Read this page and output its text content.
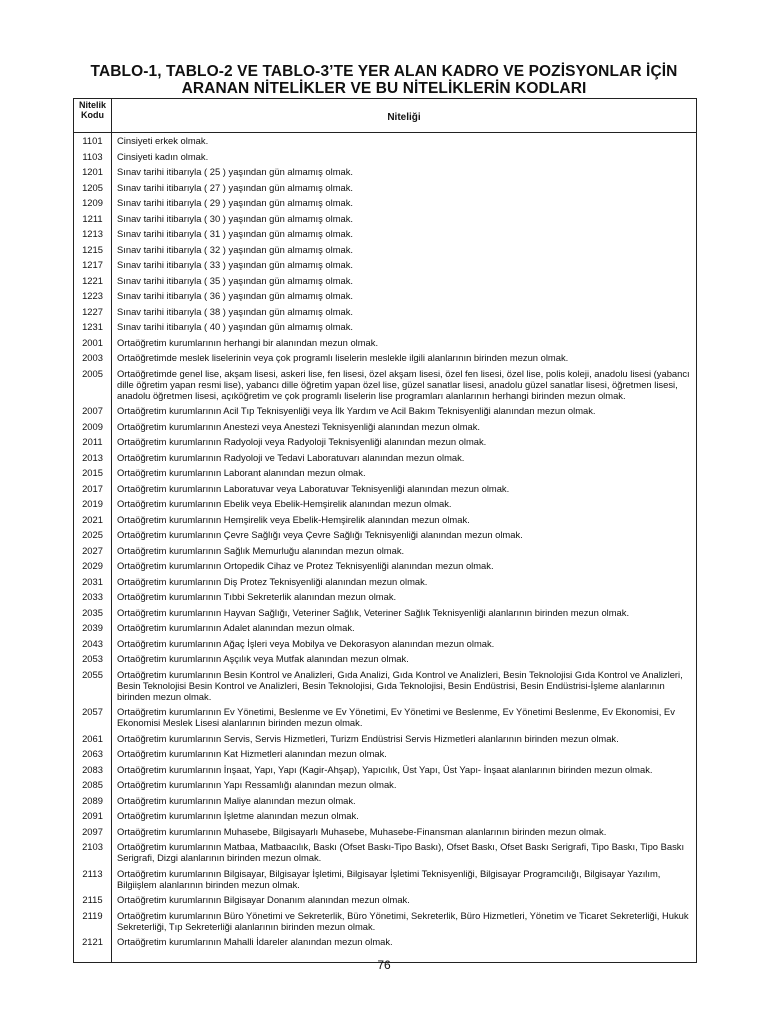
TABLO-1, TABLO-2 VE TABLO-3’TE YER ALAN KADRO VE POZİSYONLAR İÇİN
ARANAN NİTELİKLER VE BU NİTELİKLERİN KODLARI
Nitelik
Kodu	Niteliği
1101	Cinsiyeti erkek olmak.
1103	Cinsiyeti kadın olmak.
1201	Sınav tarihi itibarıyla ( 25 ) yaşından gün almamış olmak.
1205	Sınav tarihi itibarıyla ( 27 ) yaşından gün almamış olmak.
1209	Sınav tarihi itibarıyla ( 29 ) yaşından gün almamış olmak.
1211	Sınav tarihi itibarıyla ( 30 ) yaşından gün almamış olmak.
1213	Sınav tarihi itibarıyla ( 31 ) yaşından gün almamış olmak.
1215	Sınav tarihi itibarıyla ( 32 ) yaşından gün almamış olmak.
1217	Sınav tarihi itibarıyla ( 33 ) yaşından gün almamış olmak.
1221	Sınav tarihi itibarıyla ( 35 ) yaşından gün almamış olmak.
1223	Sınav tarihi itibarıyla ( 36 ) yaşından gün almamış olmak.
1227	Sınav tarihi itibarıyla ( 38 ) yaşından gün almamış olmak.
1231	Sınav tarihi itibarıyla ( 40 ) yaşından gün almamış olmak.
2001	Ortaöğretim kurumlarının herhangi bir alanından mezun olmak.
2003	Ortaöğretimde meslek liselerinin veya çok programlı liselerin meslekle ilgili alanlarının birinden mezun olmak.
2005	Ortaöğretimde genel lise, akşam lisesi, askeri lise, fen lisesi, özel akşam lisesi, özel fen lisesi, özel lise, polis koleji, anadolu lisesi (yabancı dille öğretim yapan resmi lise), yabancı dille öğretim yapan özel lise, güzel sanatlar lisesi, anadolu güzel sanatlar lisesi, öğretmen lisesi, anadolu öğretmen lisesi, açıköğretim ve çok programlı liselerin lise programları alanlarının herhangi birinden mezun olmak.
2007	Ortaöğretim kurumlarının Acil Tıp Teknisyenliği veya İlk Yardım ve Acil Bakım Teknisyenliği alanından mezun olmak.
2009	Ortaöğretim kurumlarının Anestezi veya Anestezi Teknisyenliği alanından mezun olmak.
2011	Ortaöğretim kurumlarının Radyoloji veya Radyoloji Teknisyenliği alanından mezun olmak.
2013	Ortaöğretim kurumlarının Radyoloji ve Tedavi Laboratuvarı alanından mezun olmak.
2015	Ortaöğretim kurumlarının Laborant alanından mezun olmak.
2017	Ortaöğretim kurumlarının Laboratuvar veya Laboratuvar Teknisyenliği alanından mezun olmak.
2019	Ortaöğretim kurumlarının Ebelik veya Ebelik-Hemşirelik alanından mezun olmak.
2021	Ortaöğretim kurumlarının Hemşirelik veya Ebelik-Hemşirelik alanından mezun olmak.
2025	Ortaöğretim kurumlarının Çevre Sağlığı veya Çevre Sağlığı Teknisyenliği alanından mezun olmak.
2027	Ortaöğretim kurumlarının Sağlık Memurluğu alanından mezun olmak.
2029	Ortaöğretim kurumlarının Ortopedik Cihaz ve Protez Teknisyenliği alanından mezun olmak.
2031	Ortaöğretim kurumlarının Diş Protez Teknisyenliği alanından mezun olmak.
2033	Ortaöğretim kurumlarının Tıbbi Sekreterlik alanından mezun olmak.
2035	Ortaöğretim kurumlarının Hayvan Sağlığı, Veteriner Sağlık, Veteriner Sağlık Teknisyenliği alanlarının birinden mezun olmak.
2039	Ortaöğretim kurumlarının Adalet alanından mezun olmak.
2043	Ortaöğretim kurumlarının Ağaç İşleri veya Mobilya ve Dekorasyon alanından mezun olmak.
2053	Ortaöğretim kurumlarının Aşçılık veya Mutfak alanından mezun olmak.
2055	Ortaöğretim kurumlarının Besin Kontrol ve Analizleri, Gıda Analizi, Gıda Kontrol ve Analizleri, Besin Teknolojisi Gıda Kontrol ve Analizleri, Besin Teknolojisi Besin Kontrol ve Analizleri, Besin Teknolojisi, Gıda Teknolojisi, Besin Endüstrisi, Besin Endüstrisi-İşleme alanlarının birinden mezun olmak.
2057	Ortaöğretim kurumlarının Ev Yönetimi, Beslenme ve Ev Yönetimi, Ev Yönetimi ve Beslenme, Ev Yönetimi Beslenme, Ev Ekonomisi, Ev Ekonomisi Meslek Lisesi alanlarının birinden mezun olmak.
2061	Ortaöğretim kurumlarının Servis, Servis Hizmetleri, Turizm Endüstrisi Servis Hizmetleri alanlarının birinden mezun olmak.
2063	Ortaöğretim kurumlarının Kat Hizmetleri alanından mezun olmak.
2083	Ortaöğretim kurumlarının İnşaat, Yapı, Yapı (Kagir-Ahşap), Yapıcılık, Üst Yapı, Üst Yapı- İnşaat alanlarının birinden mezun olmak.
2085	Ortaöğretim kurumlarının Yapı Ressamlığı alanından mezun olmak.
2089	Ortaöğretim kurumlarının Maliye alanından mezun olmak.
2091	Ortaöğretim kurumlarının İşletme alanından mezun olmak.
2097	Ortaöğretim kurumlarının Muhasebe, Bilgisayarlı Muhasebe, Muhasebe-Finansman alanlarının birinden mezun olmak.
2103	Ortaöğretim kurumlarının Matbaa, Matbaacılık, Baskı (Ofset Baskı-Tipo Baskı), Ofset Baskı, Ofset Baskı Serigrafi, Tipo Baskı, Tipo Baskı Serigrafi, Dizgi alanlarının birinden mezun olmak.
2113	Ortaöğretim kurumlarının Bilgisayar, Bilgisayar İşletimi, Bilgisayar İşletimi Teknisyenliği, Bilgisayar Programcılığı, Bilgisayar Yazılım, Bilgiişlem alanlarının birinden mezun olmak.
2115	Ortaöğretim kurumlarının Bilgisayar Donanım alanından mezun olmak.
2119	Ortaöğretim kurumlarının Büro Yönetimi ve Sekreterlik, Büro Yönetimi, Sekreterlik, Büro Hizmetleri, Yönetim ve Ticaret Sekreterliği, Hukuk Sekreterliği, Tıp Sekreterliği alanlarının birinden mezun olmak.
2121	Ortaöğretim kurumlarının Mahalli İdareler alanından mezun olmak.
76
